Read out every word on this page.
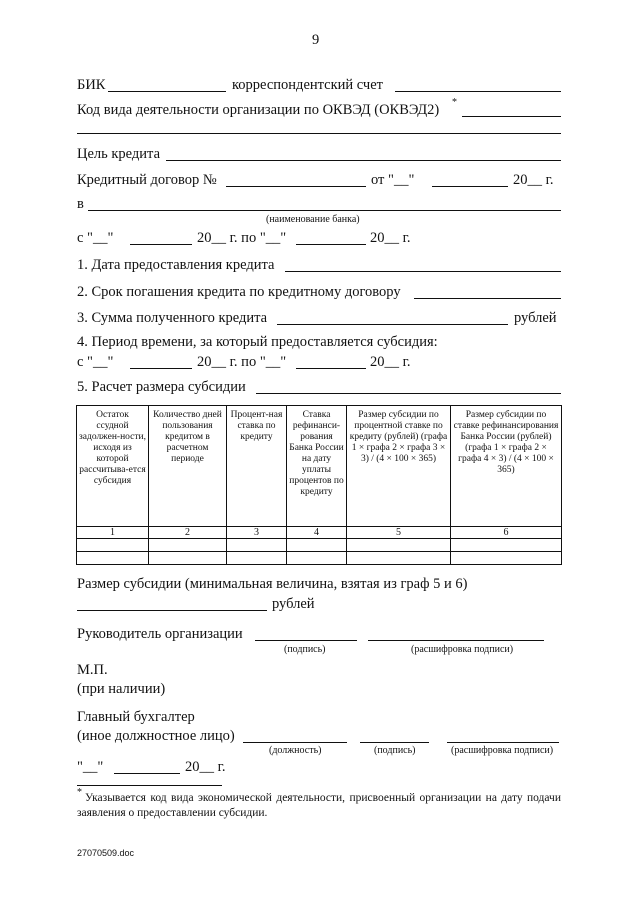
9
БИК	корреспондентский счет
Код вида деятельности организации по ОКВЭД (ОКВЭД2) *
Цель кредита
Кредитный договор №	от "__"	20__ г.
в
(наименование банка)
с "__"	20__ г. по "__"	20__ г.
1. Дата предоставления кредита
2. Срок погашения кредита по кредитному договору
3. Сумма полученного кредита	рублей
4. Период времени, за который предоставляется субсидия:
с "__"	20__ г. по "__"	20__ г.
5. Расчет размера субсидии
Остаток ссудной задолжен-ности, исходя из которой рассчитыва-ется субсидия	Количество дней пользования кредитом в расчетном периоде	Процент-ная ставка по кредиту	Ставка рефинанси-рования Банка России на дату уплаты процентов по кредиту	Размер субсидии по процентной ставке по кредиту (рублей) (графа 1 × графа 2 × графа 3 × 3) / (4 × 100 × 365)	Размер субсидии по ставке рефинансирования Банка России (рублей) (графа 1 × графа 2 × графа 4 × 3) / (4 × 100 × 365)
1	2	3	4	5	6

Размер субсидии (минимальная величина, взятая из граф 5 и 6)
рублей
Руководитель организации
(подпись)	(расшифровка подписи)
М.П.
(при наличии)
Главный бухгалтер
(иное должностное лицо)
(должность)	(подпись)	(расшифровка подписи)
"__"	20__ г.
* Указывается код вида экономической деятельности, присвоенный организации на дату подачи заявления о предоставлении субсидии.
27070509.doc
